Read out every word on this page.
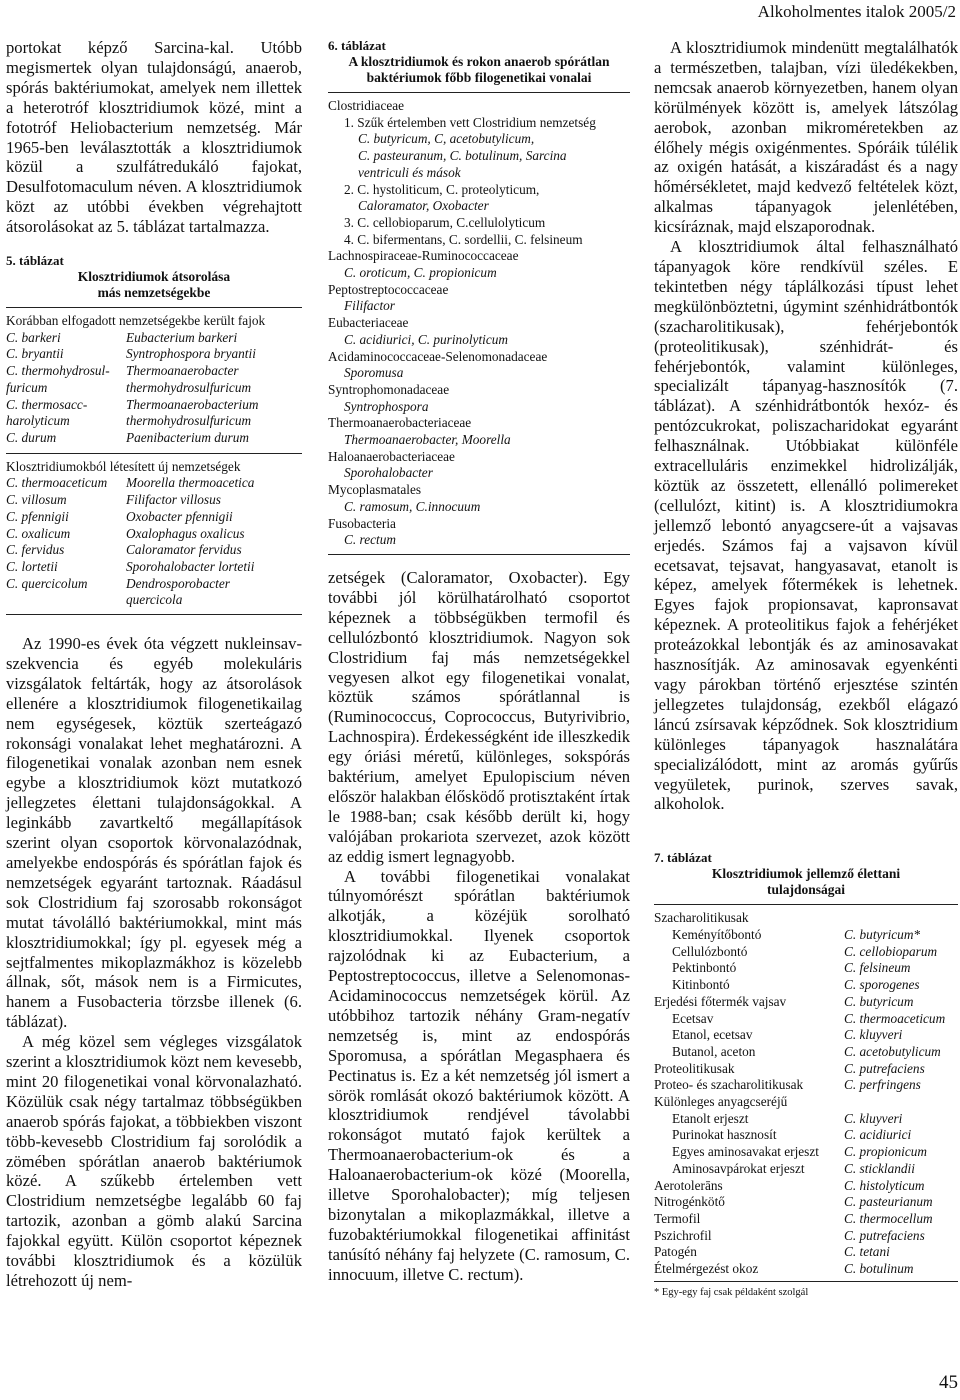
Alkoholmentes italok 2005/2

portokat képző Sarcina-kal. Utóbb megismertek olyan tulajdonságú, anaerob, spórás baktériumokat, amelyek nem illettek a heterotróf klosztridiumok közé, mint a fototróf Heliobacterium nemzetség. Már 1965-ben leválasztották a klosztridiumok közül a szulfátredukáló fajokat, Desulfotomaculum néven. A klosztridiumok közt az utóbbi években végrehajtott átsorolásokat az 5. táblázat tartalmazza.

5. táblázat

Klosztridiumok átsorolása

más nemzetségekbe

Korábban elfogadott nemzetségekbe került fajok
C. barkeri	Eubacterium barkeri
C. bryantii	Syntrophospora bryantii
C. thermohydrosul-	Thermoanaerobacter
furicum	thermohydrosulfuricum
C. thermosacc-	Thermoanaerobacterium
harolyticum	thermohydrosulfuricum
C. durum	Paenibacterium durum
Klosztridiumokból létesített új nemzetségek
C. thermoaceticum	Moorella thermoacetica
C. villosum	Filifactor villosus
C. pfennigii	Oxobacter pfennigii
C. oxalicum	Oxalophagus oxalicus
C. fervidus	Caloramator fervidus
C. lortetii	Sporohalobacter lortetii
C. quercicolum	Dendrosporobacter
quercicola

Az 1990-es évek óta végzett nukleinsav-szekvencia és egyéb molekuláris vizsgálatok feltárták, hogy az átsorolások ellenére a klosztridiumok filogenetikailag nem egységesek, köztük szerteágazó rokonsági vonalakat lehet meghatározni. A filogenetikai vonalak azonban nem esnek egybe a klosztridiumok közt mutatkozó jellegzetes élettani tulajdonságokkal. A leginkább zavartkeltő megállapítások szerint olyan csoportok körvonalazódnak, amelyekbe endospórás és spórátlan fajok és nemzetségek egyaránt tartoznak. Ráadásul sok Clostridium faj szorosabb rokonságot mutat távolálló baktériumokkal, mint más klosztridiumokkal; így pl. egyesek még a sejtfalmentes mikoplazmákhoz is közelebb állnak, sőt, mások nem is a Firmicutes, hanem a Fusobacteria törzsbe illenek (6. táblázat).

A még közel sem végleges vizsgálatok szerint a klosztridiumok közt nem kevesebb, mint 20 filogenetikai vonal körvonalazható. Közülük csak négy tartalmaz többségükben anaerob spórás fajokat, a többiekben viszont több-kevesebb Clostridium faj sorolódik a zömében spórátlan anaerob baktériumok közé. A szűkebb értelemben vett Clostridium nemzetségbe legalább 60 faj tartozik, azonban a gömb alakú Sarcina fajokkal együtt. Külön csoportot képeznek további klosztridiumok és a közülük létrehozott új nem-

6. táblázat

A klosztridiumok és rokon anaerob spórátlan

baktériumok főbb filogenetikai vonalai

Clostridiaceae
1. Szűk értelemben vett Clostridium nemzetség
C. butyricum, C, acetobutylicum,
C. pasteuranum, C. botulinum, Sarcina
ventriculi és mások
2. C. hystoliticum, C. proteolyticum,
Caloramator, Oxobacter
3. C. cellobioparum, C.cellulolyticum
4. C. bifermentans, C. sordellii, C. felsineum
Lachnospiraceae-Ruminococcaceae
C. oroticum, C. propionicum
Peptostreptococcaceae
Filifactor
Eubacteriaceae
C. acidiurici, C. purinolyticum
Acidaminococcaceae-Selenomonadaceae
Sporomusa
Syntrophomonadaceae
Syntrophospora
Thermoanaerobacteriaceae
Thermoanaerobacter, Moorella
Haloanaerobacteriaceae
Sporohalobacter
Mycoplasmatales
C. ramosum, C.innocuum
Fusobacteria
C. rectum

zetségek (Caloramator, Oxobacter). Egy további jól körülhatárolható csoportot képeznek a többségükben termofil és cellulózbontó klosztridiumok. Nagyon sok Clostridium faj más nemzetségekkel vegyesen alkot egy filogenetikai vonalat, köztük számos spórátlannal is (Ruminococcus, Coprococcus, Butyrivibrio, Lachnospira). Érdekességként ide illeszkedik egy óriási méretű, különleges, sokspórás baktérium, amelyet Epulopiscium néven először halakban élősködő protisztaként írtak le 1988-ban; csak később derült ki, hogy valójában prokariota szervezet, azok között az eddig ismert legnagyobb.

A további filogenetikai vonalakat túlnyomórészt spórátlan baktériumok alkotják, a közéjük sorolható klosztridiumokkal. Ilyenek csoportok rajzolódnak ki az Eubacterium, a Peptostreptococcus, illetve a Selenomonas-Acidaminococcus nemzetségek körül. Az utóbbihoz tartozik néhány Gram-negatív nemzetség is, mint az endospórás Sporomusa, a spórátlan Megasphaera és Pectinatus is. Ez a két nemzetség jól ismert a sörök romlását okozó baktériumok között. A klosztridiumok rendjével távolabbi rokonságot mutató fajok kerültek a Thermoanaerobacterium-ok és a Haloanaerobacterium-ok közé (Moorella, illetve Sporohalobacter); míg teljesen bizonytalan a mikoplazmákkal, illetve a fuzobaktériumokkal filogenetikai affinitást tanúsító néhány faj helyzete (C. ramosum, C. innocuum, illetve C. rectum).

A klosztridiumok mindenütt megtalálhatók a természetben, talajban, vízi üledékekben, nemcsak anaerob környezetben, hanem olyan körülmények között is, amelyek látszólag aerobok, azonban mikroméretekben az élőhely mégis oxigénmentes. Spóráik túlélik az oxigén hatását, a kiszáradást és a nagy hőmérsékletet, majd kedvező feltételek közt, alkalmas tápanyagok jelenlétében, kicsíráznak, majd elszaporodnak.

A klosztridiumok által felhasználható tápanyagok köre rendkívül széles. E tekintetben négy táplálkozási típust lehet megkülönböztetni, úgymint szénhidrátbontók (szacharolitikusak), fehérjebontók (proteolitikusak), szénhidrát- és fehérjebontók, valamint különleges, specializált tápanyag-hasznosítók (7. táblázat). A szénhidrátbontók hexóz- és pentózcukrokat, poliszacharidokat egyaránt felhasználnak. Utóbbiakat különféle extracelluláris enzimekkel hidrolizálják, köztük az összetett, ellenálló polimereket (cellulózt, kitint) is. A klosztridiumokra jellemző lebontó anyagcsere-út a vajsavas erjedés. Számos faj a vajsavon kívül ecetsavat, tejsavat, hangyasavat, etanolt is képez, amelyek főtermékek is lehetnek. Egyes fajok propionsavat, kapronsavat képeznek. A proteolitikus fajok a fehérjéket proteázokkal lebontják és az aminosavakat hasznosítják. Az aminosavak egyenkénti vagy párokban történő erjesztése szintén jellegzetes tulajdonság, ezekből elágazó láncú zsírsavak képződnek. Sok klosztridium különleges tápanyagok hasznalátára specializálódott, mint az aromás gyűrűs vegyületek, purinok, szerves savak, alkoholok.

7. táblázat

Klosztridiumok jellemző élettani

tulajdonságai

Szacharolitikusak
Keményítőbontó	C. butyricum*
Cellulózbontó	C. cellobioparum
Pektinbontó	C. felsineum
Kitinbontó	C. sporogenes
Erjedési főtermék vajsav	C. butyricum
Ecetsav	C. thermoaceticum
Etanol, ecetsav	C. kluyveri
Butanol, aceton	C. acetobutylicum
Proteolitikusak	C. putrefaciens
Proteo- és szacharolitikusak	C. perfringens
Különleges anyagcseréjű
Etanolt erjeszt	C. kluyveri
Purinokat hasznosít	C. acidiurici
Egyes aminosavakat erjeszt	C. propionicum
Aminosavpárokat erjeszt	C. sticklandii
Aerotolerāns	C. histolyticum
Nitrogénkötő	C. pasteurianum
Termofil	C. thermocellum
Pszichrofil	C. putrefaciens
Patogén	C. tetani
Ételmérgezést okoz	C. botulinum
* Egy-egy faj csak példaként szolgál
45
